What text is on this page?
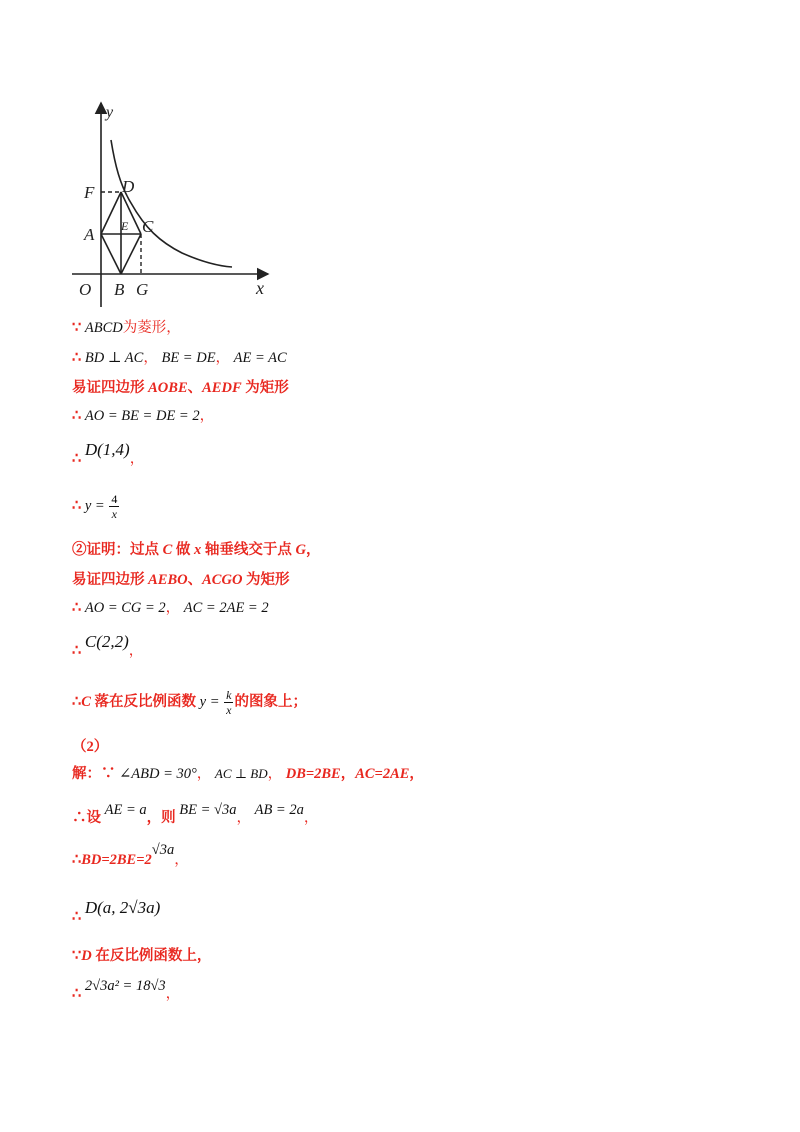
y
x
F D
A E C
O B G
∵ ABCD为菱形，
∴ BD ⊥ AC， BE = DE， AE = AC
易证四边形 AOBE、AEDF 为矩形
∴ AO = BE = DE = 2，
∴ D(1,4)，
∴ $y = \frac{4}{x}$
②证明：过点 C 做 x 轴垂线交于点 G，
易证四边形 AEBO、ACGO 为矩形
∴ AO = CG = 2， AC = 2AE = 2
∴ C(2,2)，
∴C 落在反比例函数 $y = \frac{k}{x}$ 的图象上；
（2）
解：∵ ∠ABD = 30°， AC ⊥ BD， DB=2BE，AC=2AE，
∴设 AE = a，则 BE = √3a， AB = 2a，
∴BD=2BE=2√3a，
∴ D(a, 2√3a)
∵D 在反比例函数上，
∴ 2√3a² = 18√3，
